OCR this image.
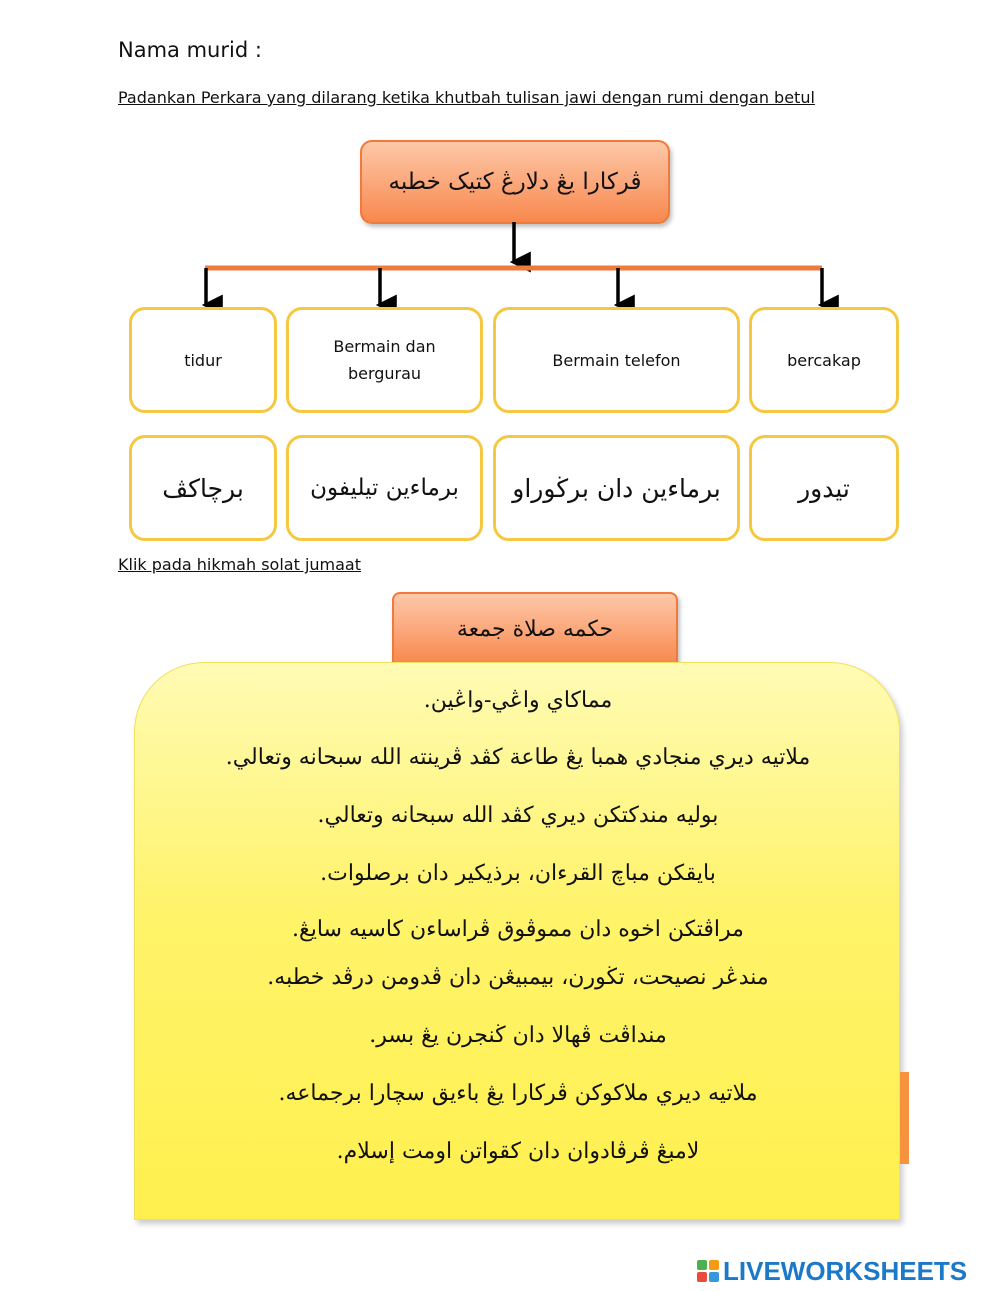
Nama murid :
Padankan Perkara yang dilarang ketika khutbah tulisan jawi dengan rumi dengan betul
ڤركارا يڠ دلارڠ كتيک خطبه
tidur
Bermain dan bergurau
Bermain telefon	bercakap
برچاكڤ	برماءين تيليفون	برماءين دان برڬوراو	تيدور
Klik pada hikmah solat jumaat
حكمه صلاة جمعة
مماكاي واڠي-واڠين.
ملاتيه ديري منجادي همبا يڠ طاعة كڤد ڤرينته الله سبحانه وتعالي.
بوليه مندكتكن ديري كڤد الله سبحانه وتعالي.
بايقكن مباچ القرءان، برذيكير دان برصلوات.
مراڤتكن اخوه دان مموڤوق ڤراساءن كاسيه سايڠ.
مندڠر نصيحت، تڬورن، بيمبيڠن دان ڤدومن درڤد خطبه.
منداڤت ڤهالا دان ڬنجرن يڠ بسر.
ملاتيه ديري ملاكوكن ڤركارا يڠ باءيق سچارا برجماعه.
لامبڠ ڤرڤادوان دان كقواتن اومت إسلام.
LIVEWORKSHEETS
